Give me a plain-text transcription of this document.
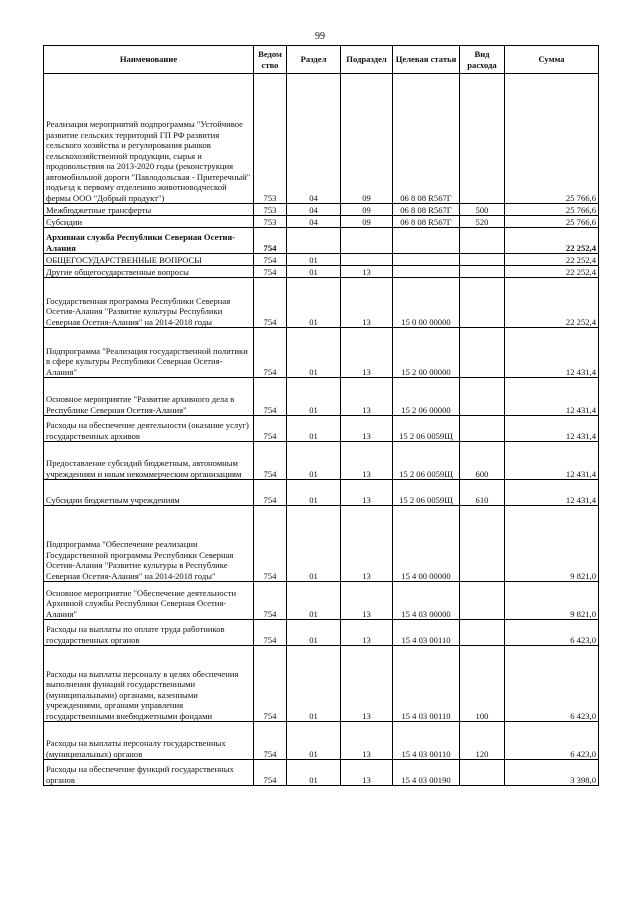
99
Наименование	Ведом ство	Раздел	Подраздел	Целевая статья	Вид расхода	Сумма
Реализация мероприятий подпрограммы "Устойчивое развитие сельских территорий ГП РФ развития сельского хозяйства и регулирования рынков сельскохозяйственной продукции, сырья и продовольствия на 2013-2020 годы (реконструкция автомобильной дороги "Павлодольская - Притеречный" подъезд к первому отделению животноводческой фермы ООО "Добрый продукт")	753	04	09	06 8 08 R567Г		25 766,6
Межбюджетные трансферты	753	04	09	06 8 08 R567Г	500	25 766,6
Субсидии	753	04	09	06 8 08 R567Г	520	25 766,6
Архивная служба Республики Северная Осетия-Алания	754					22 252,4
ОБЩЕГОСУДАРСТВЕННЫЕ ВОПРОСЫ	754	01				22 252,4
Другие общегосударственные вопросы	754	01	13			22 252,4
Государственная программа Республики Северная Осетия-Алания "Развитие культуры Республики Северная Осетия-Алания" на 2014-2018 годы	754	01	13	15 0 00 00000		22 252,4
Подпрограмма "Реализация государственной политики в сфере культуры Республики Северная Осетия-Алания"	754	01	13	15 2 00 00000		12 431,4
Основное мероприятие "Развитие архивного дела в Республике Северная Осетия-Алания"	754	01	13	15 2 06 00000		12 431,4
Расходы на обеспечение деятельности (оказание услуг) государственных архивов	754	01	13	15 2 06 0059Щ		12 431,4
Предоставление субсидий бюджетным, автономным учреждениям и иным некоммерческим организациям	754	01	13	15 2 06 0059Щ	600	12 431,4
Субсидии бюджетным учреждениям	754	01	13	15 2 06 0059Щ	610	12 431,4
Подпрограмма "Обеспечение реализации Государственной программы Республики Северная Осетия-Алания "Развитие культуры в Республике Северная Осетия-Алания" на 2014-2018 годы"	754	01	13	15 4 00 00000		9 821,0
Основное мероприятие "Обеспечение деятельности Архивной службы Республики Северная Осетия-Алания"	754	01	13	15 4 03 00000		9 821,0
Расходы на выплаты по оплате труда работников государственных органов	754	01	13	15 4 03 00110		6 423,0
Расходы на выплаты персоналу в целях обеспечения выполнения функций государственными (муниципальными) органами, казенными учреждениями, органами управления государственными внебюджетными фондами	754	01	13	15 4 03 00110	100	6 423,0
Расходы на выплаты персоналу государственных (муниципальных) органов	754	01	13	15 4 03 00110	120	6 423,0
Расходы на обеспечение функций государственных органов	754	01	13	15 4 03 00190		3 398,0
